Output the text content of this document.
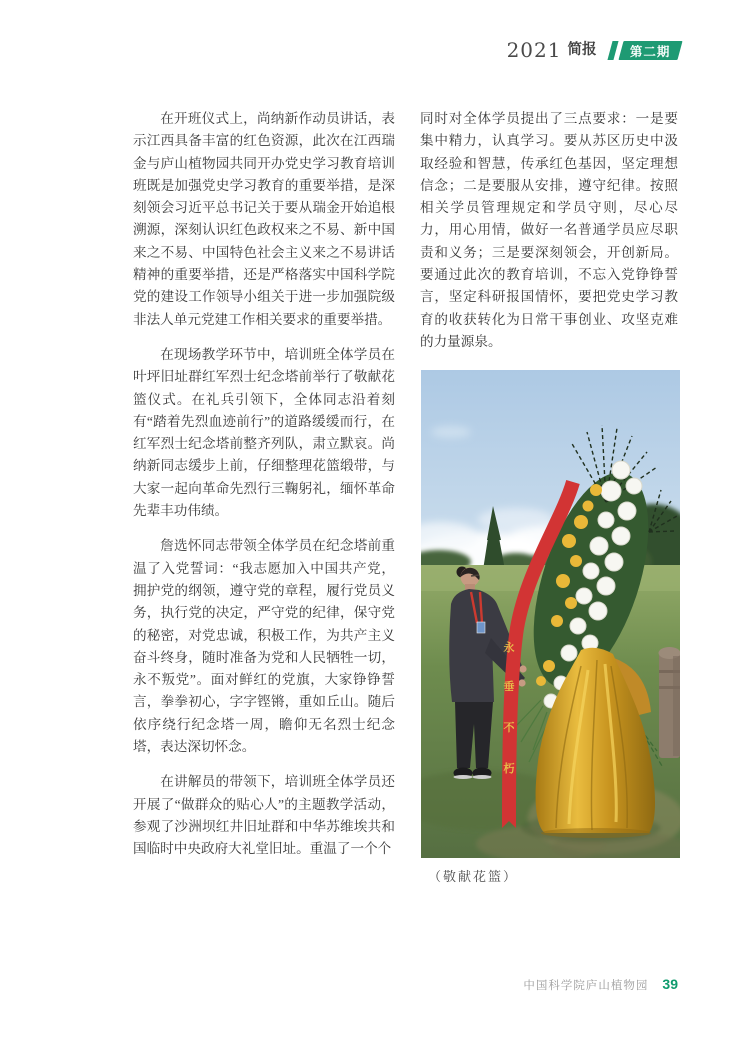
2021 简报	第二期

在开班仪式上，尚纳新作动员讲话，表示江西具备丰富的红色资源，此次在江西瑞金与庐山植物园共同开办党史学习教育培训班既是加强党史学习教育的重要举措，是深刻领会习近平总书记关于要从瑞金开始追根溯源，深刻认识红色政权来之不易、新中国来之不易、中国特色社会主义来之不易讲话精神的重要举措，还是严格落实中国科学院党的建设工作领导小组关于进一步加强院级非法人单元党建工作相关要求的重要举措。

在现场教学环节中，培训班全体学员在叶坪旧址群红军烈士纪念塔前举行了敬献花篮仪式。在礼兵引领下，全体同志沿着刻有“踏着先烈血迹前行”的道路缓缓而行，在红军烈士纪念塔前整齐列队，肃立默哀。尚纳新同志缓步上前，仔细整理花篮缎带，与大家一起向革命先烈行三鞠躬礼，缅怀革命先辈丰功伟绩。

詹选怀同志带领全体学员在纪念塔前重温了入党誓词：“我志愿加入中国共产党，拥护党的纲领，遵守党的章程，履行党员义务，执行党的决定，严守党的纪律，保守党的秘密，对党忠诚，积极工作，为共产主义奋斗终身，随时准备为党和人民牺牲一切，永不叛党”。面对鲜红的党旗，大家铮铮誓言，拳拳初心，字字铿锵，重如丘山。随后依序绕行纪念塔一周，瞻仰无名烈士纪念塔，表达深切怀念。

在讲解员的带领下，培训班全体学员还开展了“做群众的贴心人”的主题教学活动，参观了沙洲坝红井旧址群和中华苏维埃共和国临时中央政府大礼堂旧址。重温了一个个

同时对全体学员提出了三点要求：一是要集中精力，认真学习。要从苏区历史中汲取经验和智慧，传承红色基因，坚定理想信念；二是要服从安排，遵守纪律。按照相关学员管理规定和学员守则，尽心尽力，用心用情，做好一名普通学员应尽职责和义务；三是要深刻领会，开创新局。要通过此次的教育培训，不忘入党铮铮誓言，坚定科研报国情怀，要把党史学习教育的收获转化为日常干事创业、攻坚克难的力量源泉。

永
垂
不
朽
（敬献花篮）
中国科学院庐山植物园 39
